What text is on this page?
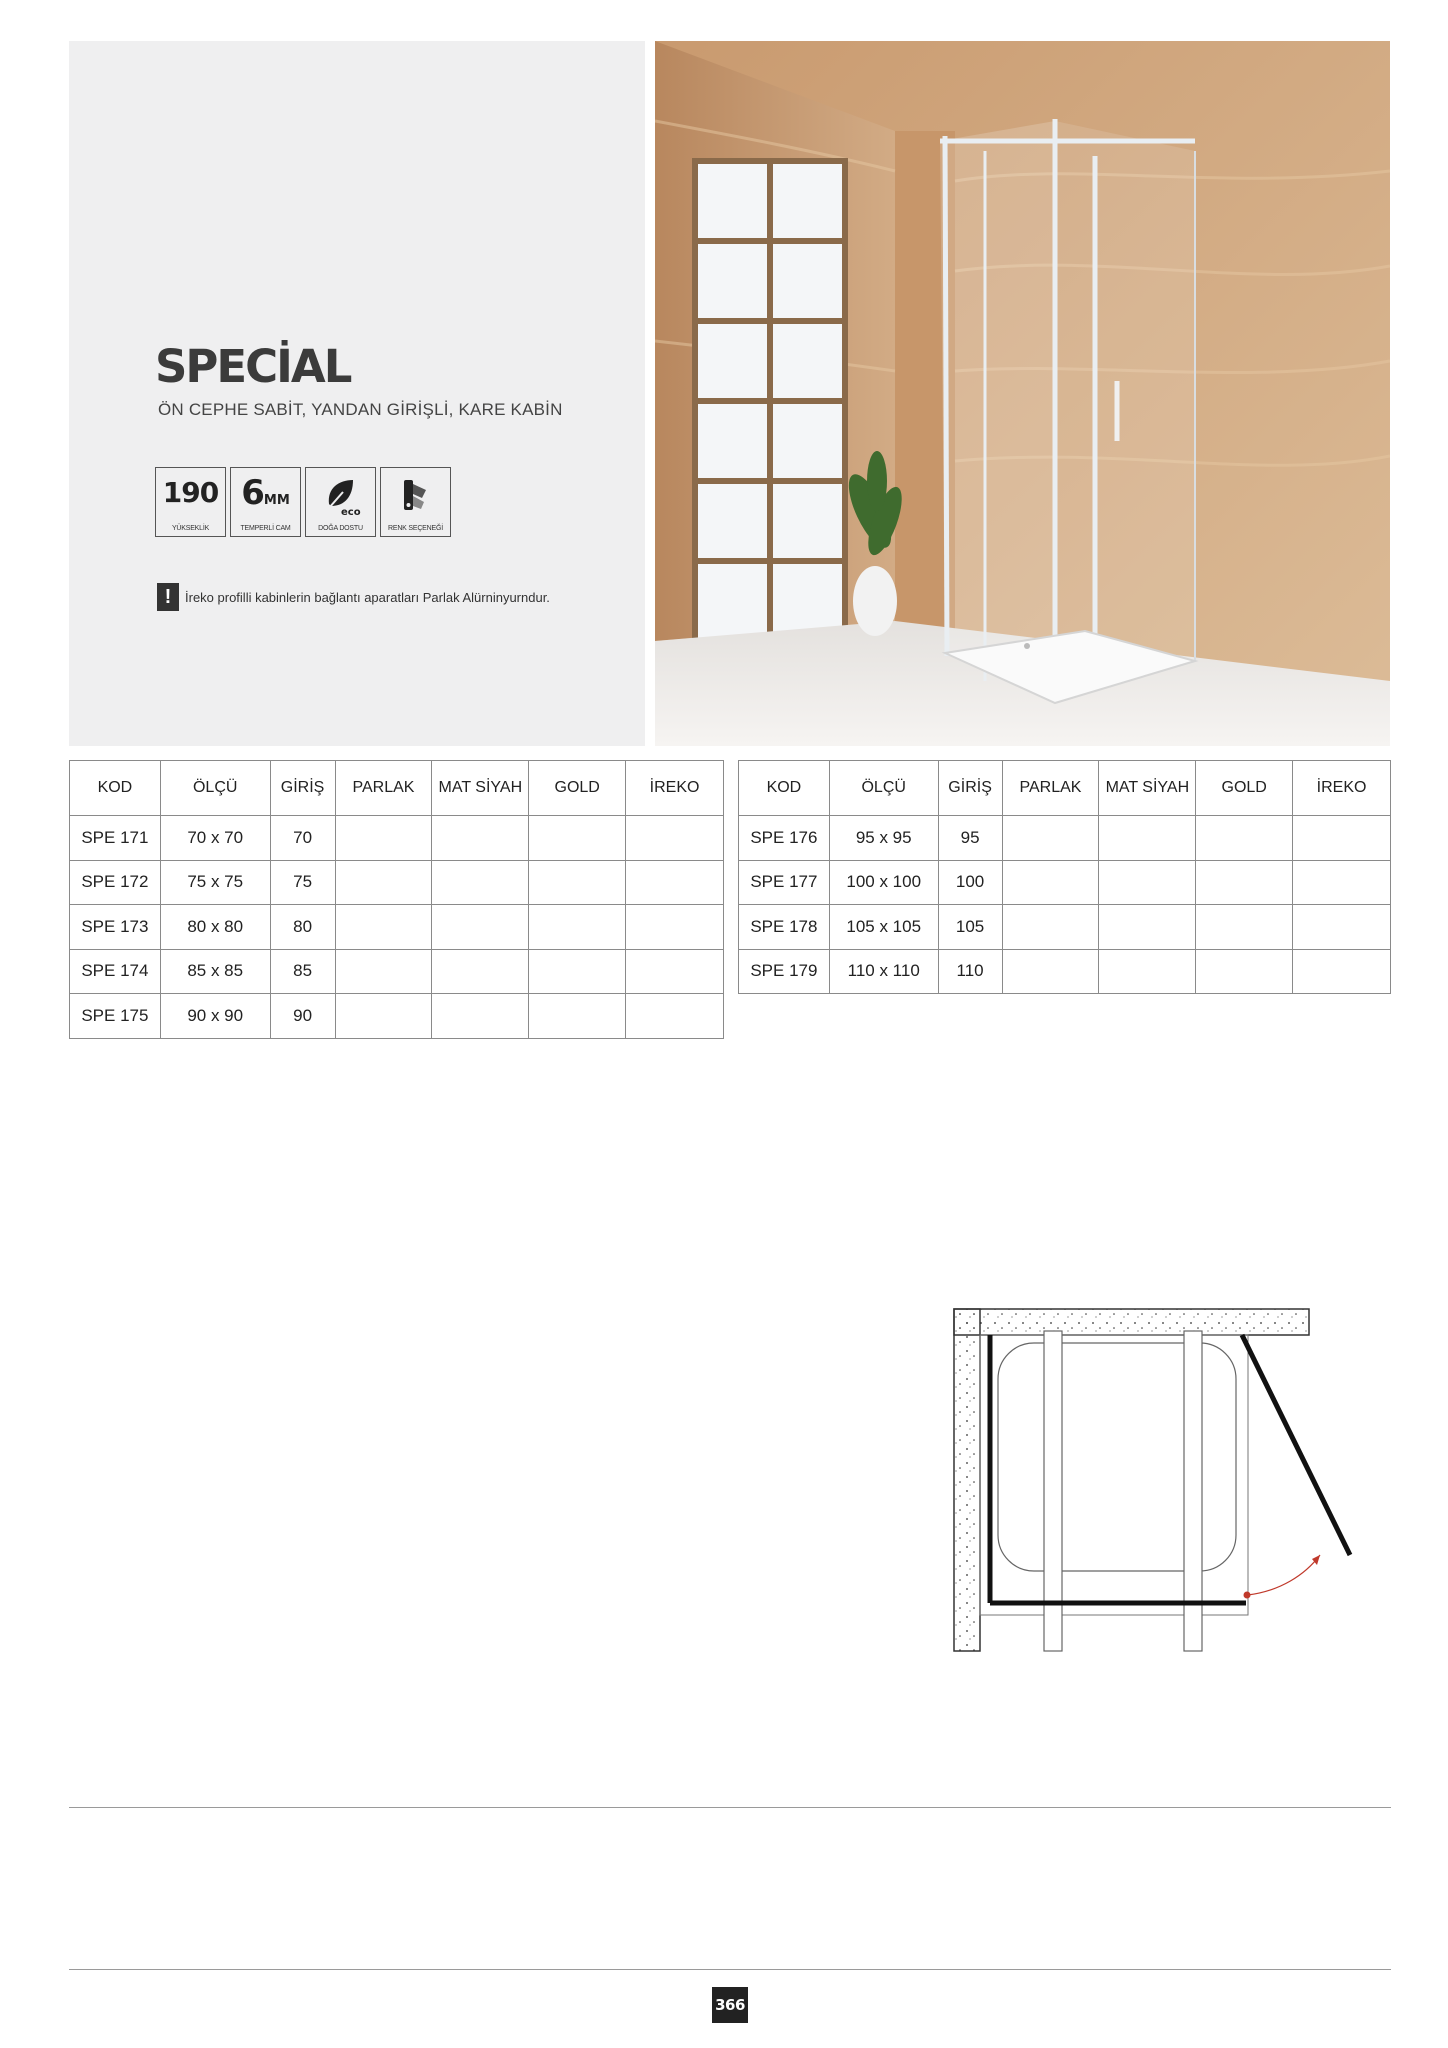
SPECİAL
ÖN CEPHE SABİT, YANDAN GİRİŞLİ, KARE KABİN
190
YÜKSEKLİK
6MM
TEMPERLİ CAM
eco
DOĞA DOSTU	RENK SEÇENEĞİ
!	İreko profilli kabinlerin bağlantı aparatları Parlak Alürninyurndur.
KOD	ÖLÇÜ	GİRİŞ	PARLAK	MAT SİYAH	GOLD	İREKO
SPE 171	70 x 70	70				
SPE 172	75 x 75	75				
SPE 173	80 x 80	80				
SPE 174	85 x 85	85				
SPE 175	90 x 90	90				
KOD	ÖLÇÜ	GİRİŞ	PARLAK	MAT SİYAH	GOLD	İREKO
SPE 176	95 x 95	95				
SPE 177	100 x 100	100				
SPE 178	105 x 105	105				
SPE 179	110 x 110	110				
366
